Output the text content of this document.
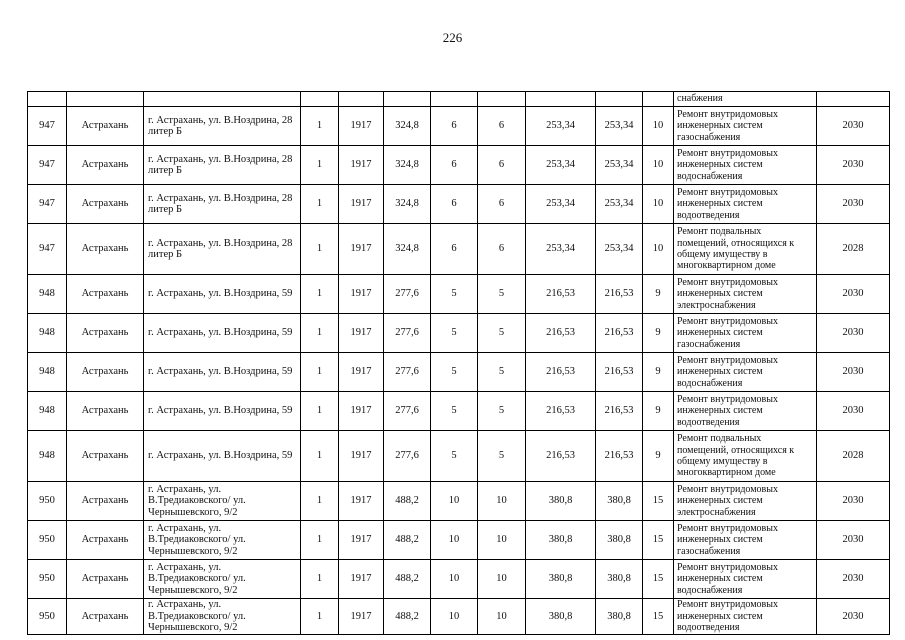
226
											снабжения	
947	Астрахань	г. Астрахань, ул. В.Ноздрина, 28 литер Б	1	1917	324,8	6	6	253,34	253,34	10	Ремонт внутридомовых инженерных систем газоснабжения	2030
947	Астрахань	г. Астрахань, ул. В.Ноздрина, 28 литер Б	1	1917	324,8	6	6	253,34	253,34	10	Ремонт внутридомовых инженерных систем водоснабжения	2030
947	Астрахань	г. Астрахань, ул. В.Ноздрина, 28 литер Б	1	1917	324,8	6	6	253,34	253,34	10	Ремонт внутридомовых инженерных систем водоотведения	2030
947	Астрахань	г. Астрахань, ул. В.Ноздрина, 28 литер Б	1	1917	324,8	6	6	253,34	253,34	10	Ремонт подвальных помещений, относящихся к общему имуществу в многоквартирном доме	2028
948	Астрахань	г. Астрахань, ул. В.Ноздрина, 59	1	1917	277,6	5	5	216,53	216,53	9	Ремонт внутридомовых инженерных систем электроснабжения	2030
948	Астрахань	г. Астрахань, ул. В.Ноздрина, 59	1	1917	277,6	5	5	216,53	216,53	9	Ремонт внутридомовых инженерных систем газоснабжения	2030
948	Астрахань	г. Астрахань, ул. В.Ноздрина, 59	1	1917	277,6	5	5	216,53	216,53	9	Ремонт внутридомовых инженерных систем водоснабжения	2030
948	Астрахань	г. Астрахань, ул. В.Ноздрина, 59	1	1917	277,6	5	5	216,53	216,53	9	Ремонт внутридомовых инженерных систем водоотведения	2030
948	Астрахань	г. Астрахань, ул. В.Ноздрина, 59	1	1917	277,6	5	5	216,53	216,53	9	Ремонт подвальных помещений, относящихся к общему имуществу в многоквартирном доме	2028
950	Астрахань	г. Астрахань, ул. В.Тредиаковского/ ул. Чернышевского, 9/2	1	1917	488,2	10	10	380,8	380,8	15	Ремонт внутридомовых инженерных систем электроснабжения	2030
950	Астрахань	г. Астрахань, ул. В.Тредиаковского/ ул. Чернышевского, 9/2	1	1917	488,2	10	10	380,8	380,8	15	Ремонт внутридомовых инженерных систем газоснабжения	2030
950	Астрахань	г. Астрахань, ул. В.Тредиаковского/ ул. Чернышевского, 9/2	1	1917	488,2	10	10	380,8	380,8	15	Ремонт внутридомовых инженерных систем водоснабжения	2030
950	Астрахань	г. Астрахань, ул. В.Тредиаковского/ ул. Чернышевского, 9/2	1	1917	488,2	10	10	380,8	380,8	15	Ремонт внутридомовых инженерных систем водоотведения	2030
